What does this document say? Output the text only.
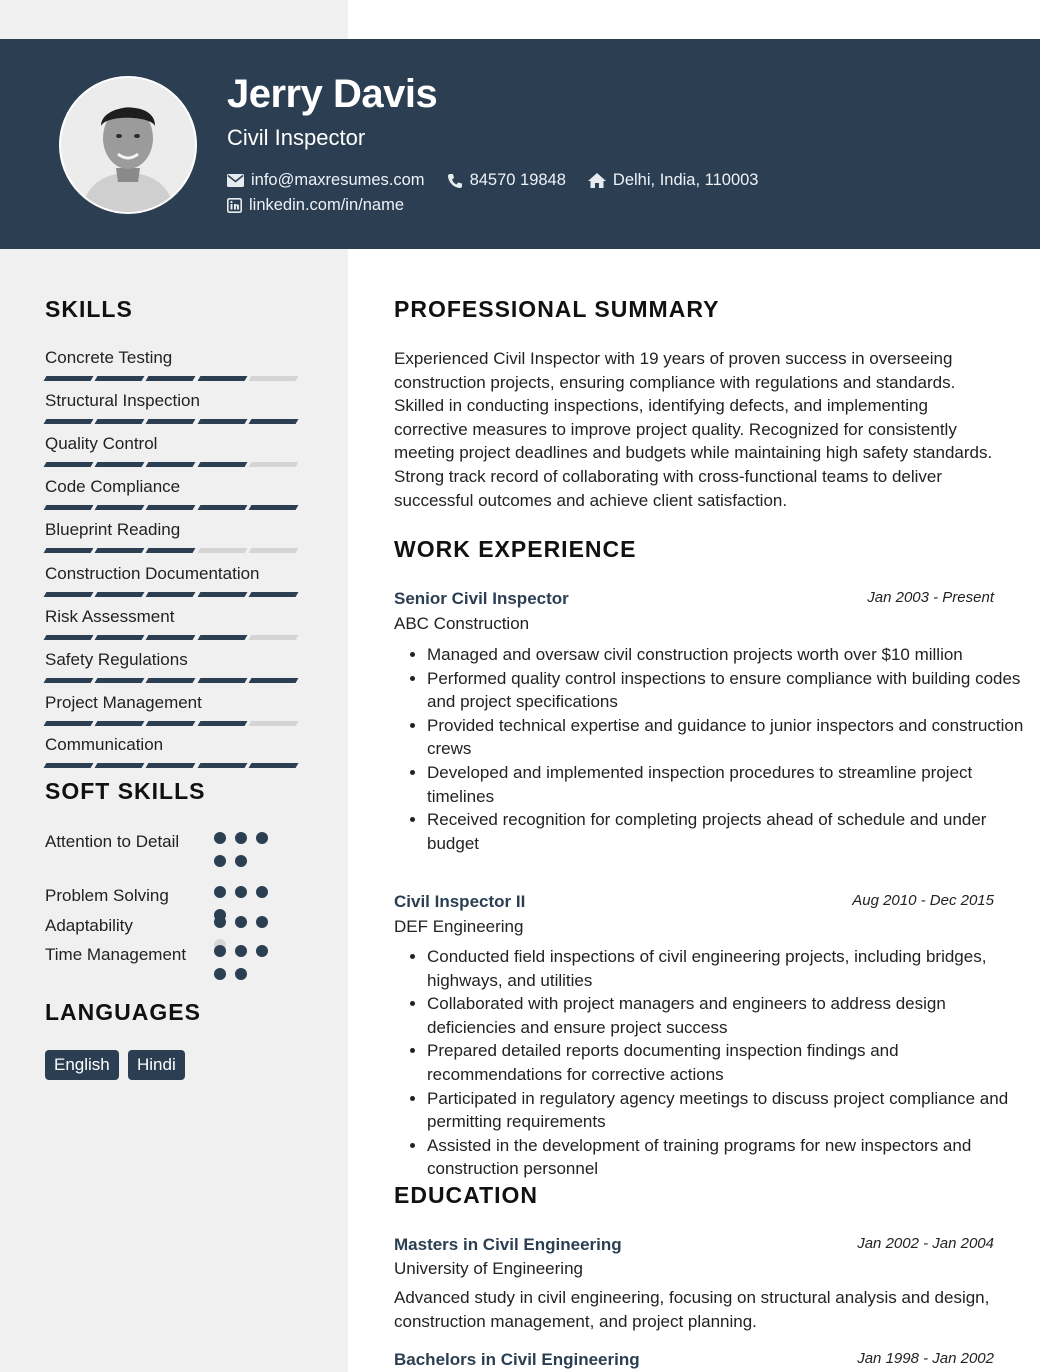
Jerry Davis
Civil Inspector
info@maxresumes.com	84570 19848	Delhi, India, 110003
linkedin.com/in/name
SKILLS
Concrete Testing
Structural Inspection
Quality Control
Code Compliance
Blueprint Reading
Construction Documentation
Risk Assessment
Safety Regulations
Project Management
Communication
SOFT SKILLS
Attention to Detail
Problem Solving
Adaptability
Time Management
LANGUAGES
English	Hindi
PROFESSIONAL SUMMARY
Experienced Civil Inspector with 19 years of proven success in overseeing construction projects, ensuring compliance with regulations and standards. Skilled in conducting inspections, identifying defects, and implementing corrective measures to improve project quality. Recognized for consistently meeting project deadlines and budgets while maintaining high safety standards. Strong track record of collaborating with cross-functional teams to deliver successful outcomes and achieve client satisfaction.
WORK EXPERIENCE
Senior Civil Inspector	Jan 2003 - Present
ABC Construction
• Managed and oversaw civil construction projects worth over $10 million
• Performed quality control inspections to ensure compliance with building codes and project specifications
• Provided technical expertise and guidance to junior inspectors and construction crews
• Developed and implemented inspection procedures to streamline project timelines
• Received recognition for completing projects ahead of schedule and under budget
Civil Inspector II	Aug 2010 - Dec 2015
DEF Engineering
• Conducted field inspections of civil engineering projects, including bridges, highways, and utilities
• Collaborated with project managers and engineers to address design deficiencies and ensure project success
• Prepared detailed reports documenting inspection findings and recommendations for corrective actions
• Participated in regulatory agency meetings to discuss project compliance and permitting requirements
• Assisted in the development of training programs for new inspectors and construction personnel
EDUCATION
Masters in Civil Engineering	Jan 2002 - Jan 2004
University of Engineering
Advanced study in civil engineering, focusing on structural analysis and design, construction management, and project planning.
Bachelors in Civil Engineering	Jan 1998 - Jan 2002
